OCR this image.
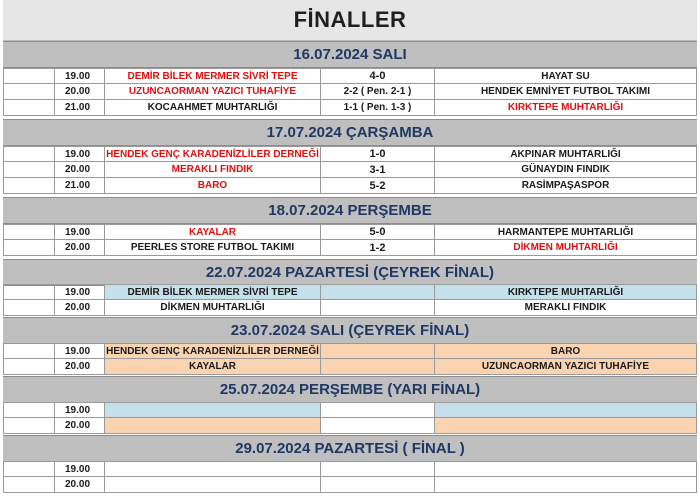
FİNALLER
16.07.2024 SALI
19.00	DEMİR BİLEK MERMER SİVRİ TEPE	4-0	HAYAT SU
20.00	UZUNCAORMAN YAZICI TUHAFİYE	2-2 ( Pen. 2-1 )	HENDEK EMNİYET FUTBOL TAKIMI
21.00	KOCAAHMET MUHTARLIĞI	1-1 ( Pen. 1-3 )	KIRKTEPE MUHTARLIĞI
17.07.2024 ÇARŞAMBA
19.00	HENDEK GENÇ KARADENİZLİLER DERNEĞİ	1-0	AKPINAR MUHTARLIĞI
20.00	MERAKLI FINDIK	3-1	GÜNAYDIN FINDIK
21.00	BARO	5-2	RASİMPAŞASPOR
18.07.2024 PERŞEMBE
19.00	KAYALAR	5-0	HARMANTEPE MUHTARLIĞI
20.00	PEERLES STORE FUTBOL TAKIMI	1-2	DİKMEN MUHTARLIĞI
22.07.2024 PAZARTESİ (ÇEYREK FİNAL)
19.00	DEMİR BİLEK MERMER SİVRİ TEPE	KIRKTEPE MUHTARLIĞI
20.00	DİKMEN MUHTARLIĞI	MERAKLI FINDIK
23.07.2024 SALI (ÇEYREK FİNAL)
19.00	HENDEK GENÇ KARADENİZLİLER DERNEĞİ	BARO
20.00	KAYALAR	UZUNCAORMAN YAZICI TUHAFİYE
25.07.2024 PERŞEMBE (YARI FİNAL)
19.00
20.00
29.07.2024 PAZARTESİ ( FİNAL )
19.00
20.00
